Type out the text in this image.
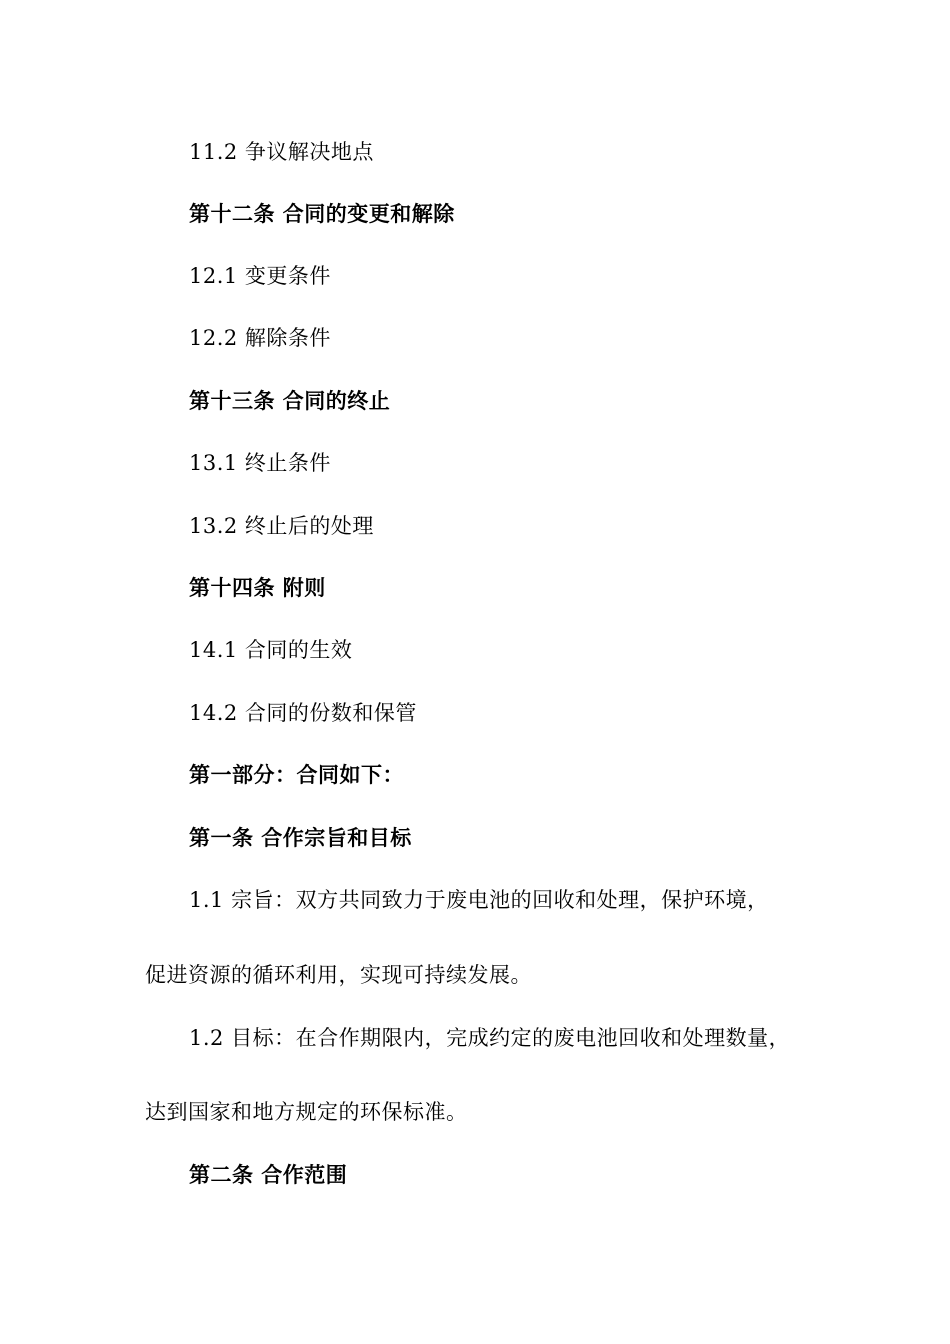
11.2 争议解决地点
第十二条 合同的变更和解除
12.1 变更条件
12.2 解除条件
第十三条 合同的终止
13.1 终止条件
13.2 终止后的处理
第十四条 附则
14.1 合同的生效
14.2 合同的份数和保管
第一部分：合同如下：
第一条 合作宗旨和目标
1.1 宗旨：双方共同致力于废电池的回收和处理，保护环境，
促进资源的循环利用，实现可持续发展。
1.2 目标：在合作期限内，完成约定的废电池回收和处理数量，
达到国家和地方规定的环保标准。
第二条 合作范围
